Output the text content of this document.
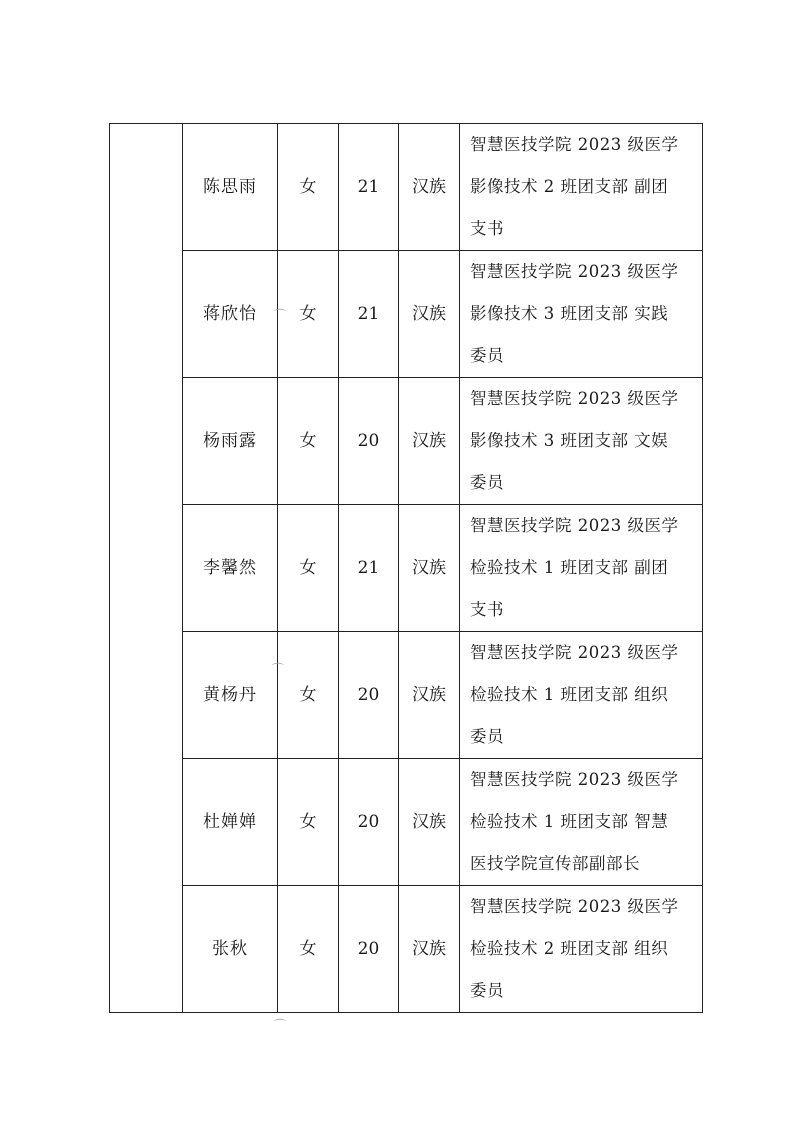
	陈思雨	女	21	汉族	智慧医技学院 2023 级医学
影像技术 2 班团支部 副团
支书

	蒋欣怡	女	21	汉族	智慧医技学院 2023 级医学
影像技术 3 班团支部 实践
委员

	杨雨露	女	20	汉族	智慧医技学院 2023 级医学
影像技术 3 班团支部 文娱
委员

	李馨然	女	21	汉族	智慧医技学院 2023 级医学
检验技术 1 班团支部 副团
支书

	黄杨丹	女	20	汉族	智慧医技学院 2023 级医学
检验技术 1 班团支部 组织
委员

	杜婵婵	女	20	汉族	智慧医技学院 2023 级医学
检验技术 1 班团支部 智慧
医技学院宣传部副部长

	张秋	女	20	汉族	智慧医技学院 2023 级医学
检验技术 2 班团支部 组织
委员
⌒
⌒
⌒
